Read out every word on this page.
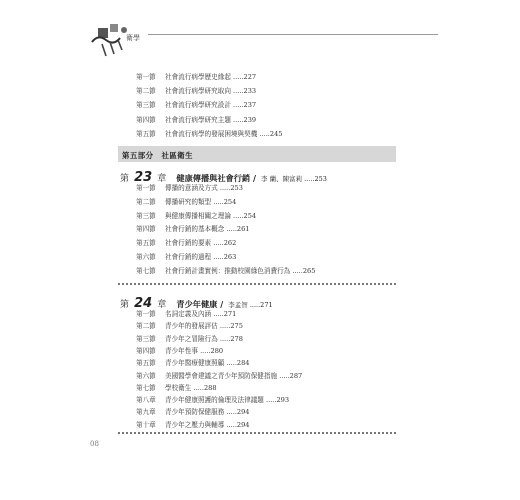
衛學
第一節 社會流行病學歷史緣起 .....227
第二節 社會流行病學研究取向 .....233
第三節 社會流行病學研究設計 .....237
第四節 社會流行病學研究主題 .....239
第五節 社會流行病學的發展困境與契機 .....245
第五部分　社區衛生
第 23 章 健康傳播與社會行銷 / 李 蘭、陳富莉 .....253
第一節 傳播的意涵及方式 .....253
第二節 傳播研究的類型 .....254
第三節 與健康傳播相關之理論 .....254
第四節 社會行銷的基本概念 .....261
第五節 社會行銷的要素 .....262
第六節 社會行銷的過程 .....263
第七節 社會行銷計畫實例：推動校園綠色消費行為 .....265
第 24 章 青少年健康 / 李孟智 .....271
第一節 名詞定義及內涵 .....271
第二節 青少年的發展評估 .....275
第三節 青少年之冒險行為 .....278
第四節 青少年性事 .....280
第五節 青少年醫療健康照顧 .....284
第六節 美國醫學會建議之青少年預防保健指施 .....287
第七節 學校衛生 .....288
第八章 青少年健康照護的倫理及法律議題 .....293
第九章 青少年預防保健服務 .....294
第十章 青少年之壓力與輔導 .....294
08
